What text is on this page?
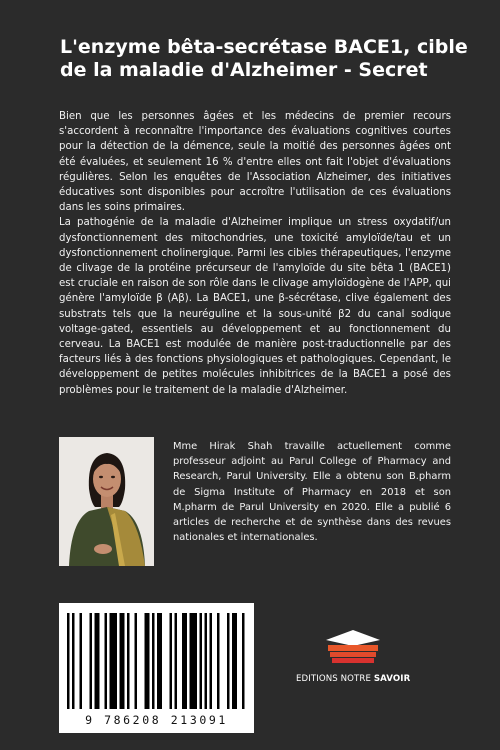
L'enzyme bêta-secrétase BACE1, cible de la maladie d'Alzheimer - Secret

Bien que les personnes âgées et les médecins de premier recours s'accordent à reconnaître l'importance des évaluations cognitives courtes pour la détection de la démence, seule la moitié des personnes âgées ont été évaluées, et seulement 16 % d'entre elles ont fait l'objet d'évaluations régulières. Selon les enquêtes de l'Association Alzheimer, des initiatives éducatives sont disponibles pour accroître l'utilisation de ces évaluations dans les soins primaires.

La pathogénie de la maladie d'Alzheimer implique un stress oxydatif/un dysfonctionnement des mitochondries, une toxicité amyloïde/tau et un dysfonctionnement cholinergique. Parmi les cibles thérapeutiques, l'enzyme de clivage de la protéine précurseur de l'amyloïde du site bêta 1 (BACE1) est cruciale en raison de son rôle dans le clivage amyloïdogène de l'APP, qui génère l'amyloïde β (Aβ). La BACE1, une β-sécrétase, clive également des substrats tels que la neuréguline et la sous-unité β2 du canal sodique voltage-gated, essentiels au développement et au fonctionnement du cerveau. La BACE1 est modulée de manière post-traductionnelle par des facteurs liés à des fonctions physiologiques et pathologiques. Cependant, le développement de petites molécules inhibitrices de la BACE1 a posé des problèmes pour le traitement de la maladie d'Alzheimer.

Mme Hirak Shah travaille actuellement comme professeur adjoint au Parul College of Pharmacy and Research, Parul University. Elle a obtenu son B.pharm de Sigma Institute of Pharmacy en 2018 et son M.pharm de Parul University en 2020. Elle a publié 6 articles de recherche et de synthèse dans des revues nationales et internationales.
9 786208 213091
EDITIONS NOTRE SAVOIR
